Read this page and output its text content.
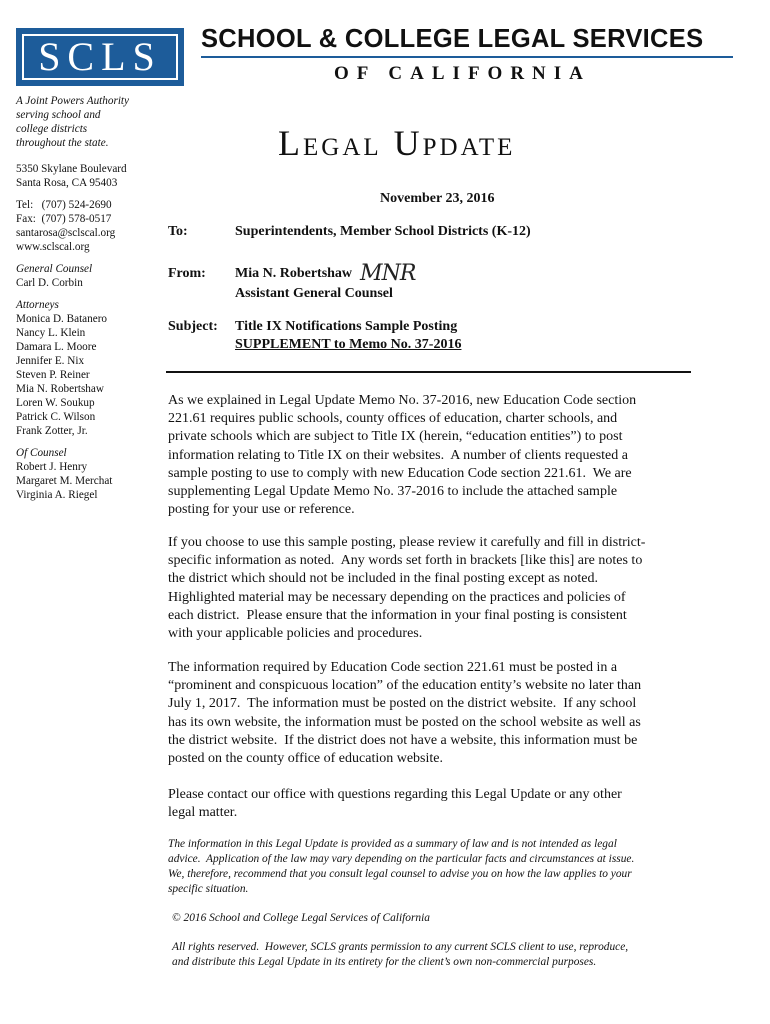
SCLS	SCHOOL & COLLEGE LEGAL SERVICES
OF CALIFORNIA
A Joint Powers Authority
serving school and
college districts
throughout the state.
5350 Skylane Boulevard
Santa Rosa, CA 95403
Tel:   (707) 524-2690
Fax:  (707) 578-0517
santarosa@sclscal.org
www.sclscal.org
General Counsel
Carl D. Corbin
Attorneys
Monica D. Batanero
Nancy L. Klein
Damara L. Moore
Jennifer E. Nix
Steven P. Reiner
Mia N. Robertshaw
Loren W. Soukup
Patrick C. Wilson
Frank Zotter, Jr.
Of Counsel
Robert J. Henry
Margaret M. Merchat
Virginia A. Riegel
Legal Update
November 23, 2016
To:	Superintendents, Member School Districts (K-12)
From: Mia N. Robertshaw MNR
Assistant General Counsel
Subject: Title IX Notifications Sample Posting
SUPPLEMENT to Memo No. 37-2016

As we explained in Legal Update Memo No. 37-2016, new Education Code section

221.61 requires public schools, county offices of education, charter schools, and

private schools which are subject to Title IX (herein, “education entities”) to post

information relating to Title IX on their websites.  A number of clients requested a

sample posting to use to comply with new Education Code section 221.61.  We are

supplementing Legal Update Memo No. 37-2016 to include the attached sample

posting for your use or reference.

If you choose to use this sample posting, please review it carefully and fill in district-

specific information as noted.  Any words set forth in brackets [like this] are notes to

the district which should not be included in the final posting except as noted.

Highlighted material may be necessary depending on the practices and policies of

each district.  Please ensure that the information in your final posting is consistent

with your applicable policies and procedures.

The information required by Education Code section 221.61 must be posted in a

“prominent and conspicuous location” of the education entity’s website no later than

July 1, 2017.  The information must be posted on the district website.  If any school

has its own website, the information must be posted on the school website as well as

the district website.  If the district does not have a website, this information must be

posted on the county office of education website.

Please contact our office with questions regarding this Legal Update or any other

legal matter.

The information in this Legal Update is provided as a summary of law and is not intended as legal
advice.  Application of the law may vary depending on the particular facts and circumstances at issue.
We, therefore, recommend that you consult legal counsel to advise you on how the law applies to your
specific situation.
© 2016 School and College Legal Services of California
All rights reserved.  However, SCLS grants permission to any current SCLS client to use, reproduce,
and distribute this Legal Update in its entirety for the client’s own non-commercial purposes.
